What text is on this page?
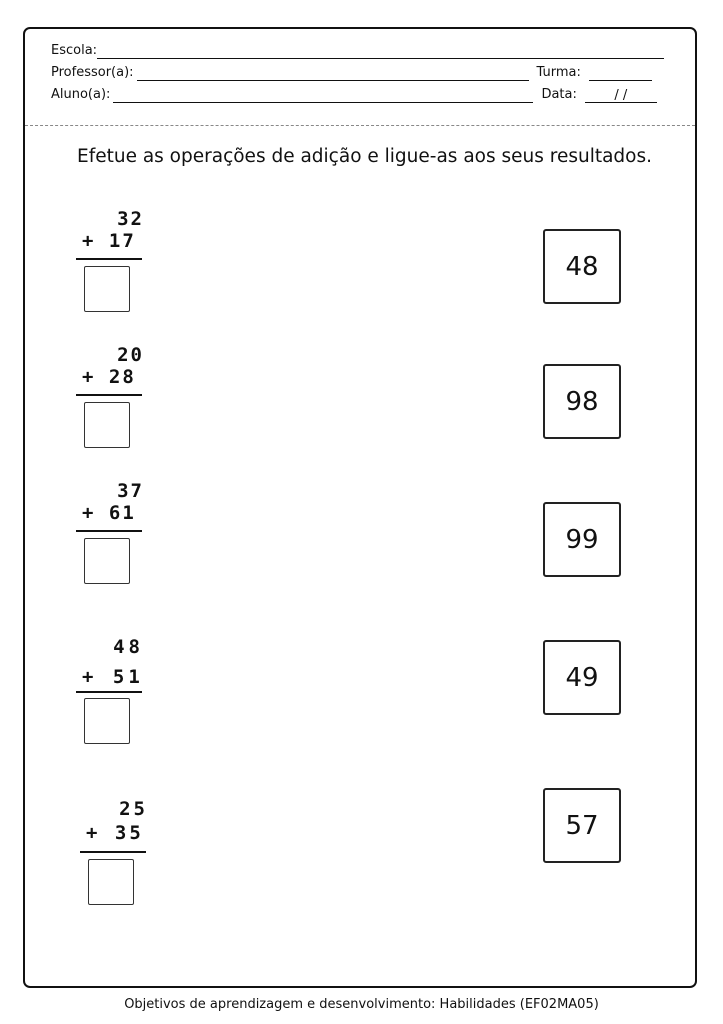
Escola:
Professor(a):	Turma:
Aluno(a):	Data:	/ /
Efetue as operações de adição e ligue-as aos seus resultados.
32
+ 17
20
+ 28
37
+ 61
48
+ 51
25
+ 35
48
98
99
49
57
Objetivos de aprendizagem e desenvolvimento: Habilidades (EF02MA05)
